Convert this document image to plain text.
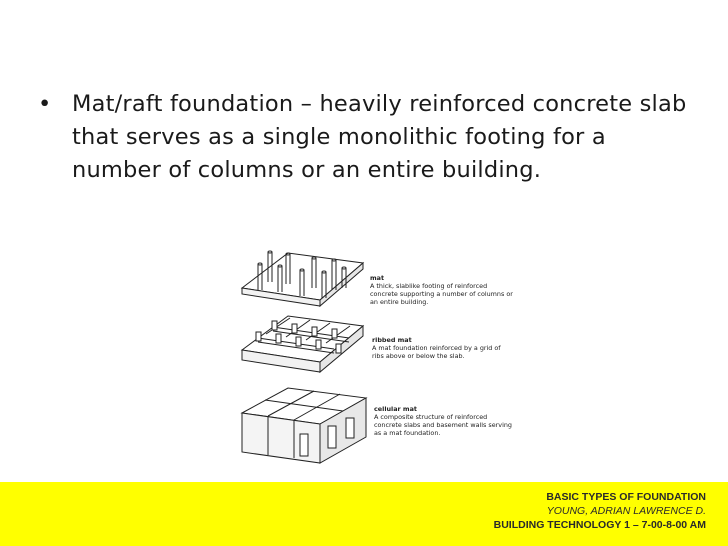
• Mat/raft foundation – heavily reinforced concrete slab that serves as a single monolithic footing for a number of columns or an entire building.
mat
A thick, slablike footing of reinforced
concrete supporting a number of columns or
an entire building.
ribbed mat
A mat foundation reinforced by a grid of
ribs above or below the slab.
cellular mat
A composite structure of reinforced
concrete slabs and basement walls serving
as a mat foundation.
BASIC TYPES OF FOUNDATION
YOUNG, ADRIAN LAWRENCE D.
BUILDING TECHNOLOGY 1 – 7-00-8-00 AM
